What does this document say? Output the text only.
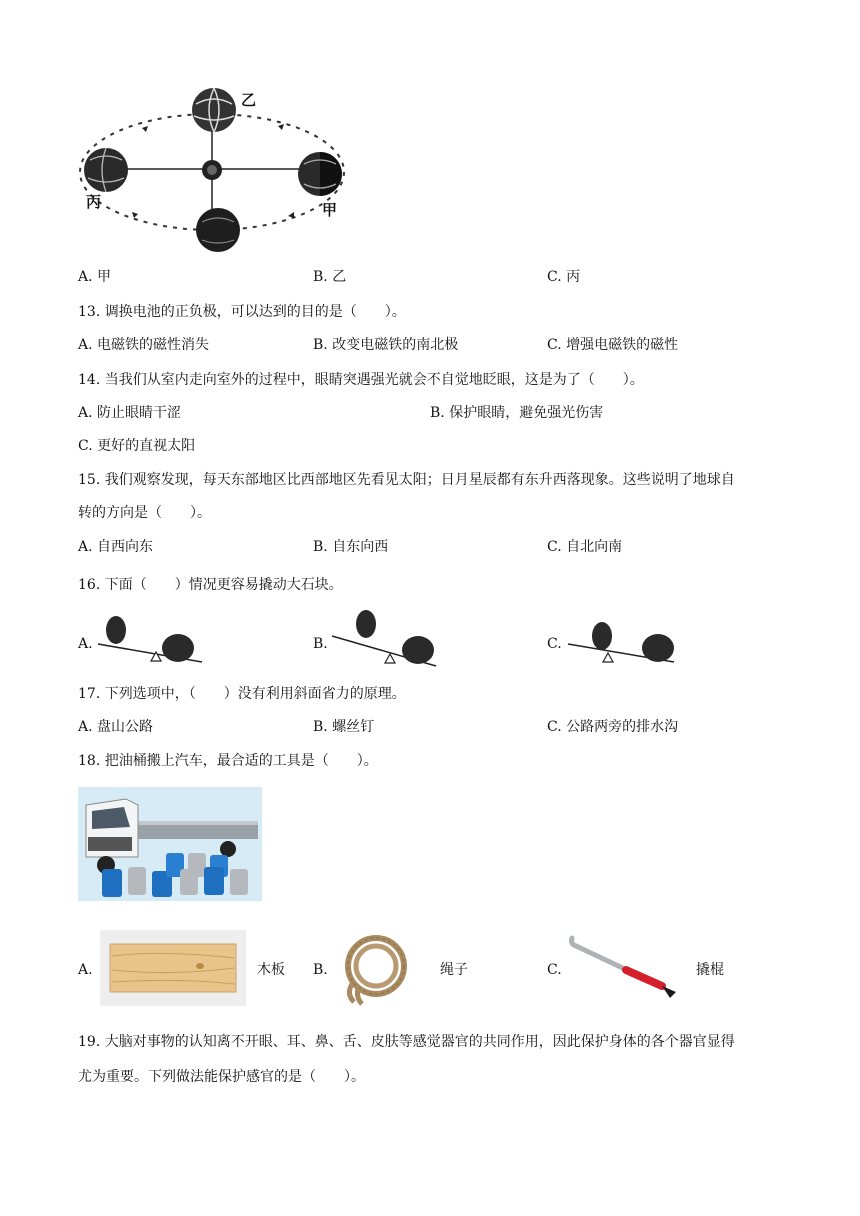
乙
丙	甲
A. 甲	B. 乙	C. 丙
13. 调换电池的正负极，可以达到的目的是（　　）。
A. 电磁铁的磁性消失	B. 改变电磁铁的南北极	C. 增强电磁铁的磁性
14. 当我们从室内走向室外的过程中，眼睛突遇强光就会不自觉地眨眼，这是为了（　　）。
A. 防止眼睛干涩	B. 保护眼睛，避免强光伤害
C. 更好的直视太阳
15. 我们观察发现，每天东部地区比西部地区先看见太阳；日月星辰都有东升西落现象。这些说明了地球自
转的方向是（　　）。
A. 自西向东	B. 自东向西	C. 自北向南
16. 下面（　　）情况更容易撬动大石块。
A.	B.	C.
17. 下列选项中，（　　）没有利用斜面省力的原理。
A. 盘山公路	B. 螺丝钉	C. 公路两旁的排水沟
18. 把油桶搬上汽车，最合适的工具是（　　）。
A.	木板 B.	绳子	C.	撬棍
19. 大脑对事物的认知离不开眼、耳、鼻、舌、皮肤等感觉器官的共同作用，因此保护身体的各个器官显得
尤为重要。下列做法能保护感官的是（　　）。
